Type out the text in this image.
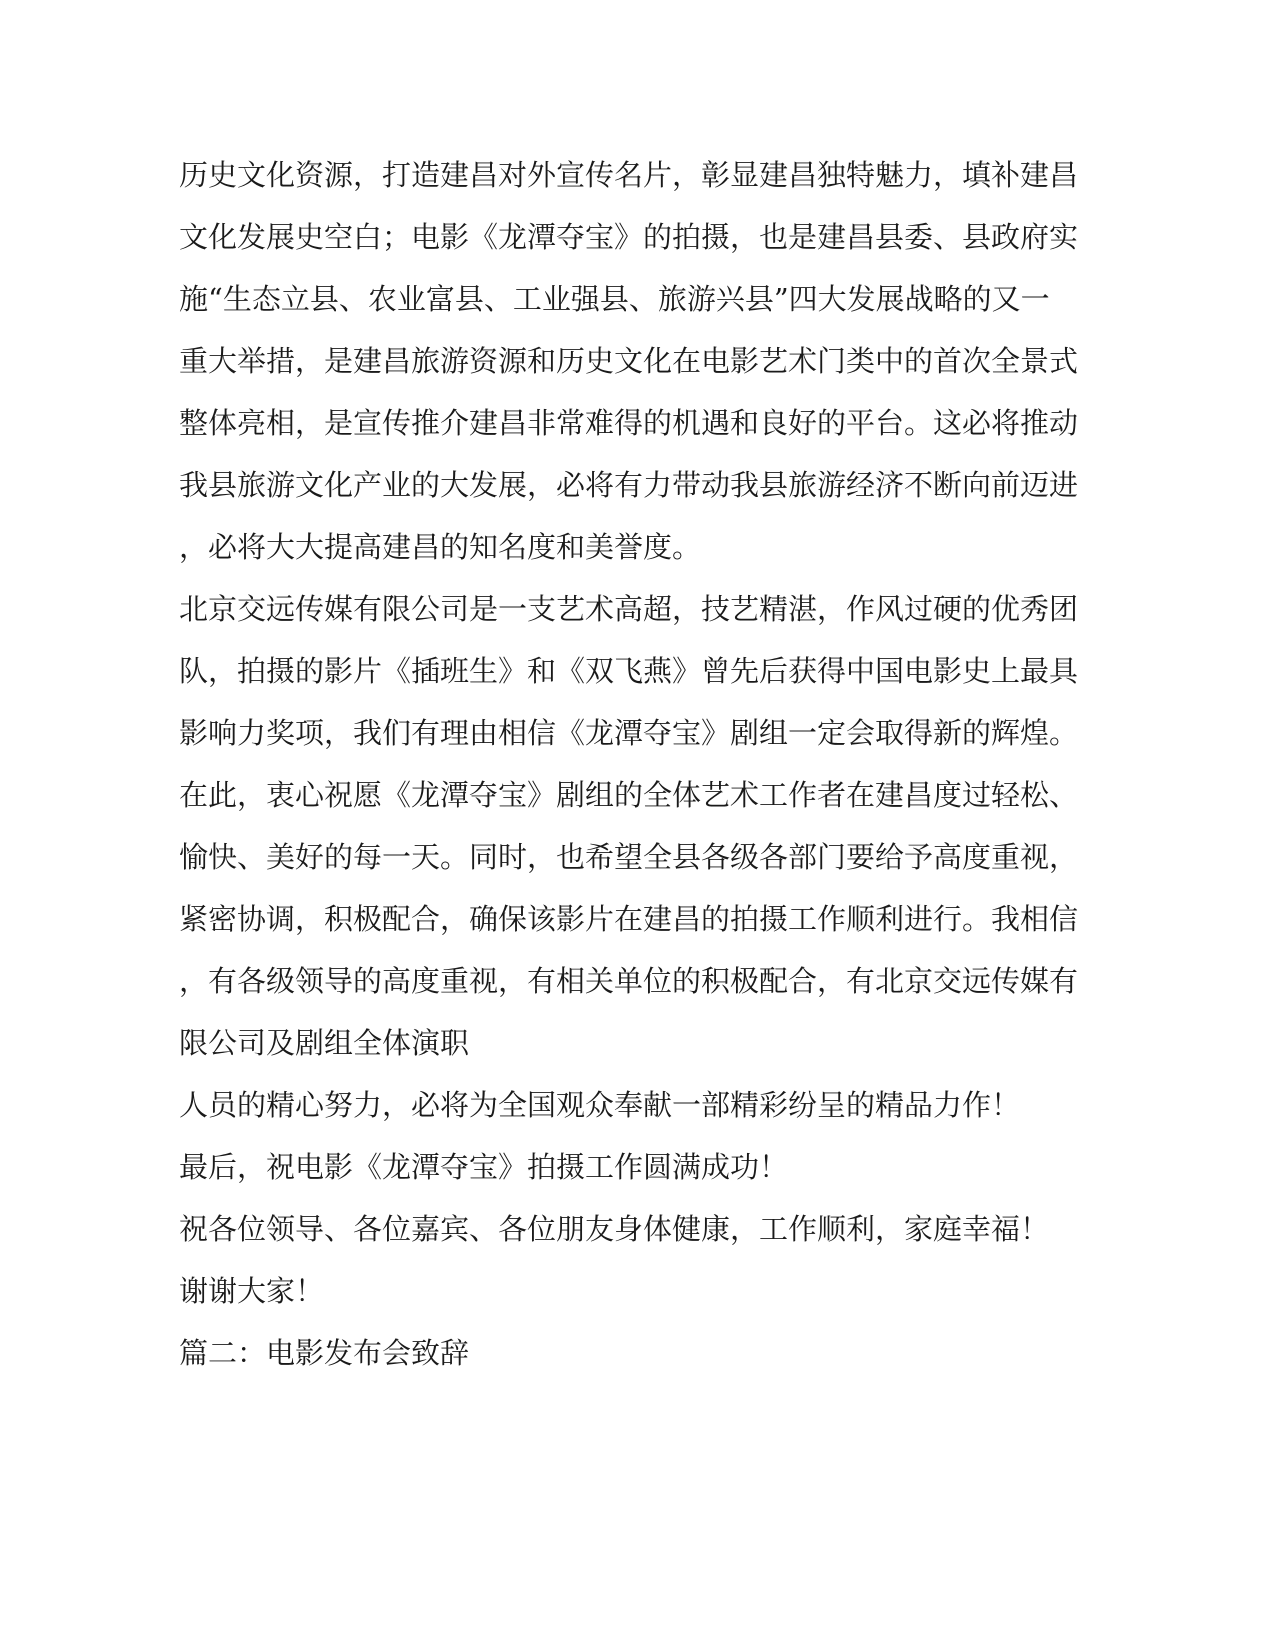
历史文化资源，打造建昌对外宣传名片，彰显建昌独特魅力，填补建昌

文化发展史空白；电影《龙潭夺宝》的拍摄，也是建昌县委、县政府实

施“生态立县、农业富县、工业强县、旅游兴县”四大发展战略的又一

重大举措，是建昌旅游资源和历史文化在电影艺术门类中的首次全景式

整体亮相，是宣传推介建昌非常难得的机遇和良好的平台。这必将推动

我县旅游文化产业的大发展，必将有力带动我县旅游经济不断向前迈进

，必将大大提高建昌的知名度和美誉度。

北京交远传媒有限公司是一支艺术高超，技艺精湛，作风过硬的优秀团

队，拍摄的影片《插班生》和《双飞燕》曾先后获得中国电影史上最具

影响力奖项，我们有理由相信《龙潭夺宝》剧组一定会取得新的辉煌。

在此，衷心祝愿《龙潭夺宝》剧组的全体艺术工作者在建昌度过轻松、

愉快、美好的每一天。同时，也希望全县各级各部门要给予高度重视，

紧密协调，积极配合，确保该影片在建昌的拍摄工作顺利进行。我相信

，有各级领导的高度重视，有相关单位的积极配合，有北京交远传媒有

限公司及剧组全体演职

人员的精心努力，必将为全国观众奉献一部精彩纷呈的精品力作！

最后，祝电影《龙潭夺宝》拍摄工作圆满成功！

祝各位领导、各位嘉宾、各位朋友身体健康，工作顺利，家庭幸福！

谢谢大家！

篇二：电影发布会致辞
